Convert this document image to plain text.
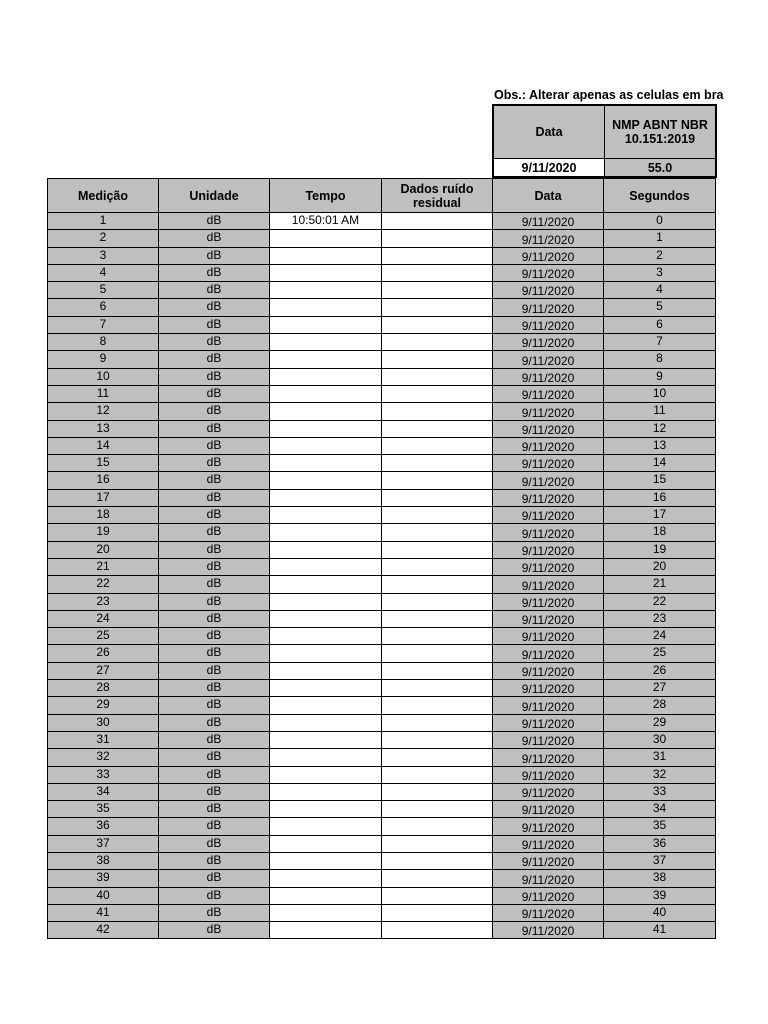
Obs.: Alterar apenas as celulas em bra
Data	NMP ABNT NBR 10.151:2019
9/11/2020	55.0
Medição	Unidade	Tempo	Dados ruído residual	Data	Segundos
1	dB	10:50:01 AM		9/11/2020	0
2	dB			9/11/2020	1
3	dB			9/11/2020	2
4	dB			9/11/2020	3
5	dB			9/11/2020	4
6	dB			9/11/2020	5
7	dB			9/11/2020	6
8	dB			9/11/2020	7
9	dB			9/11/2020	8
10	dB			9/11/2020	9
11	dB			9/11/2020	10
12	dB			9/11/2020	11
13	dB			9/11/2020	12
14	dB			9/11/2020	13
15	dB			9/11/2020	14
16	dB			9/11/2020	15
17	dB			9/11/2020	16
18	dB			9/11/2020	17
19	dB			9/11/2020	18
20	dB			9/11/2020	19
21	dB			9/11/2020	20
22	dB			9/11/2020	21
23	dB			9/11/2020	22
24	dB			9/11/2020	23
25	dB			9/11/2020	24
26	dB			9/11/2020	25
27	dB			9/11/2020	26
28	dB			9/11/2020	27
29	dB			9/11/2020	28
30	dB			9/11/2020	29
31	dB			9/11/2020	30
32	dB			9/11/2020	31
33	dB			9/11/2020	32
34	dB			9/11/2020	33
35	dB			9/11/2020	34
36	dB			9/11/2020	35
37	dB			9/11/2020	36
38	dB			9/11/2020	37
39	dB			9/11/2020	38
40	dB			9/11/2020	39
41	dB			9/11/2020	40
42	dB			9/11/2020	41
